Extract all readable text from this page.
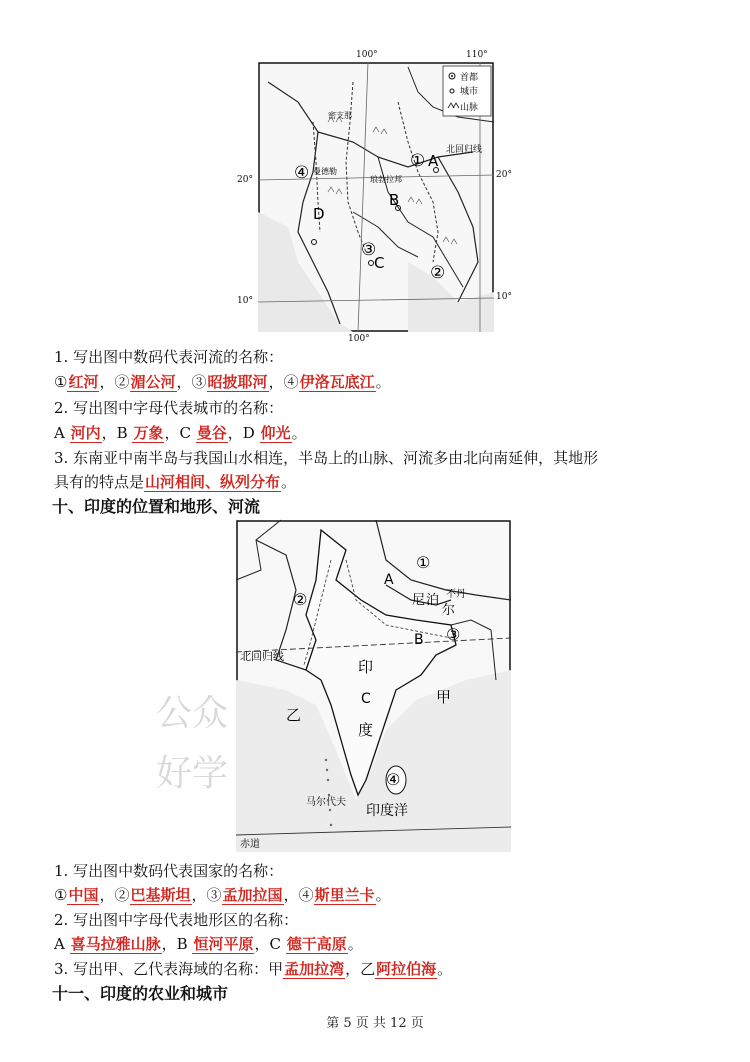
首都
城市
山脉
北回归线
曼德勒
琅勃拉邦
密支那
①
②
③
④
A
B
C
D
100°	110°
100°
20°	20°
10°	10°
1. 写出图中数码代表河流的名称：
①红河，②湄公河，③昭披耶河，④伊洛瓦底江。
2. 写出图中字母代表城市的名称：
A 河内，B 万象，C 曼谷，D 仰光。
3. 东南亚中南半岛与我国山水相连，半岛上的山脉、河流多由北向南延伸，其地形
具有的特点是山河相间、纵列分布。
十、印度的位置和地形、河流
公众
好学
①
②
③
④
A
B
C
尼 泊
尔
不丹
印
度
甲
乙
北回归线
马尔代夫
印度洋
赤道
1. 写出图中数码代表国家的名称：
①中国，②巴基斯坦，③孟加拉国，④斯里兰卡。
2. 写出图中字母代表地形区的名称：
A 喜马拉雅山脉，B 恒河平原，C 德干高原。
3. 写出甲、乙代表海域的名称：甲孟加拉湾，乙阿拉伯海。
十一、印度的农业和城市
第 5 页 共 12 页
